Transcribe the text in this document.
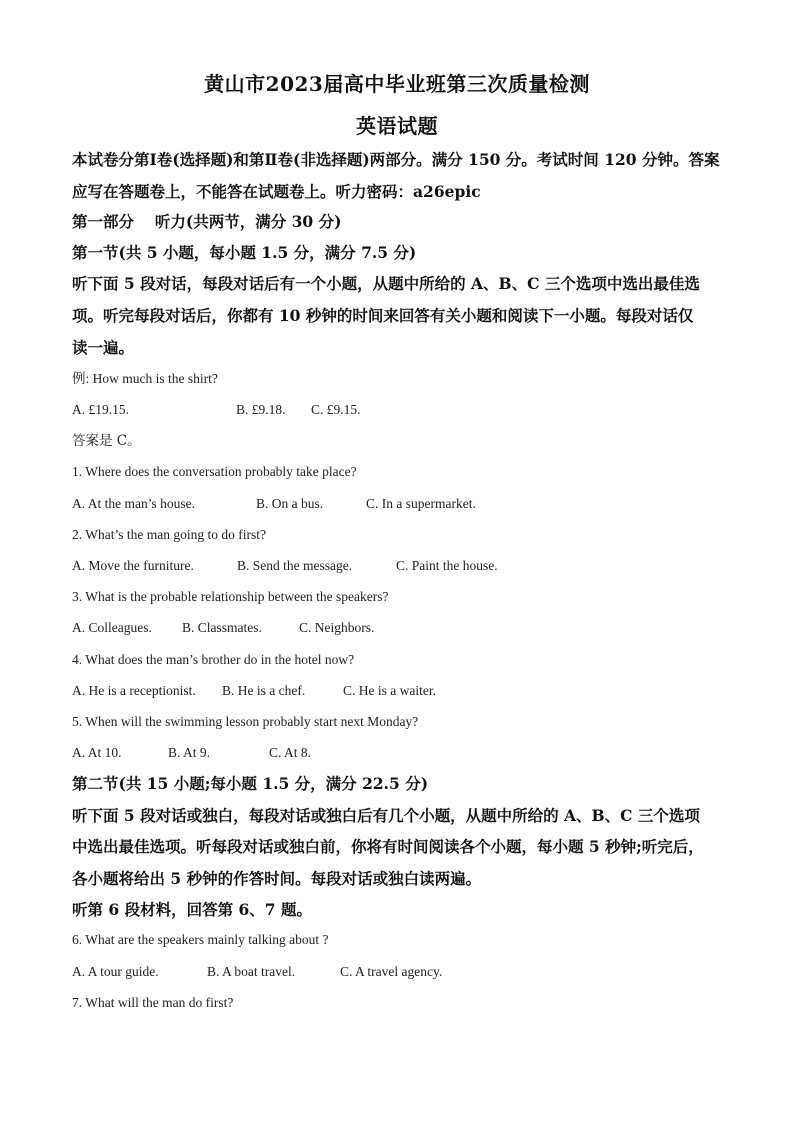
黄山市2023届高中毕业班第三次质量检测
英语试题
本试卷分第Ⅰ卷(选择题)和第Ⅱ卷(非选择题)两部分。满分 150 分。考试时间 120 分钟。答案
应写在答题卷上，不能答在试题卷上。听力密码：a26epic
第一部分　 听力(共两节，满分 30 分)
第一节(共 5 小题，每小题 1.5 分，满分 7.5 分)
听下面 5 段对话，每段对话后有一个小题，从题中所给的 A、B、C 三个选项中选出最佳选
项。听完每段对话后，你都有 10 秒钟的时间来回答有关小题和阅读下一小题。每段对话仅
读一遍。
例: How much is the shirt?
A. £19.15.	B. £9.18. C. £9.15.
答案是 C。
1. Where does the conversation probably take place?
A. At the man’s house.	B. On a bus.	C. In a supermarket.
2. What’s the man going to do first?
A. Move the furniture.	B. Send the message.	C. Paint the house.
3. What is the probable relationship between the speakers?
A. Colleagues. B. Classmates.	C. Neighbors.
4. What does the man’s brother do in the hotel now?
A. He is a receptionist. B. He is a chef.	C. He is a waiter.
5. When will the swimming lesson probably start next Monday?
A. At 10.	B. At 9.	C. At 8.
第二节(共 15 小题;每小题 1.5 分，满分 22.5 分)
听下面 5 段对话或独白，每段对话或独白后有几个小题，从题中所给的 A、B、C 三个选项
中选出最佳选项。听每段对话或独白前，你将有时间阅读各个小题，每小题 5 秒钟;听完后，
各小题将给出 5 秒钟的作答时间。每段对话或独白读两遍。
听第 6 段材料，回答第 6、7 题。
6. What are the speakers mainly talking about ?
A. A tour guide.	B. A boat travel.	C. A travel agency.
7. What will the man do first?
